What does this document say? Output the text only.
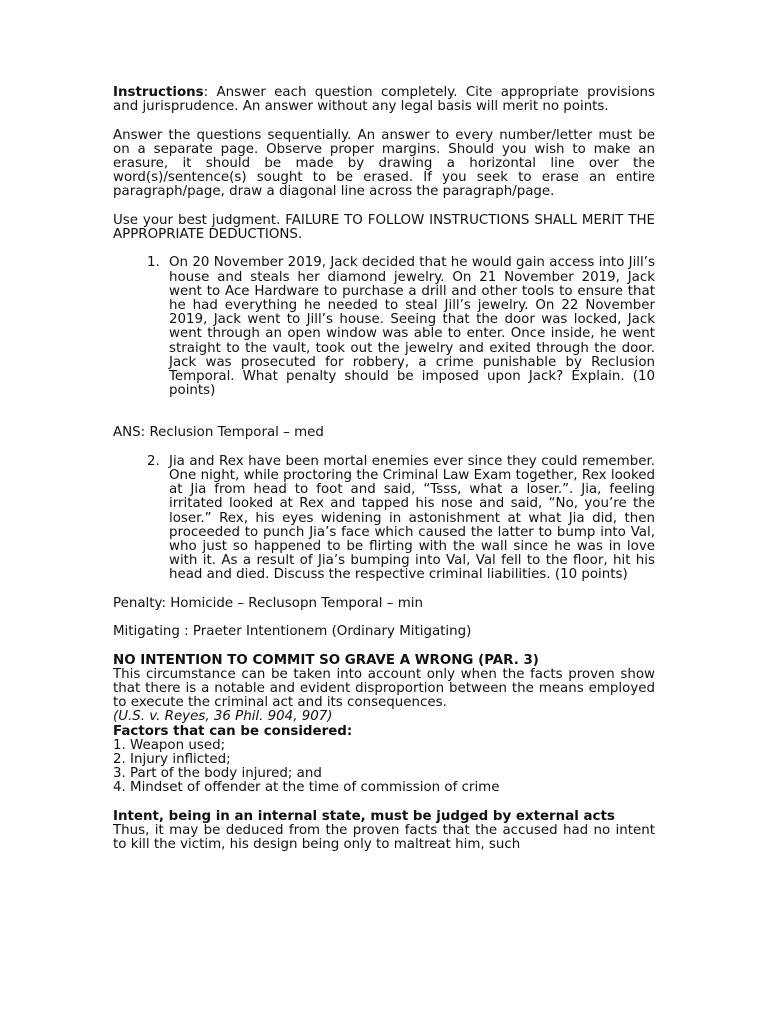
Instructions: Answer each question completely. Cite appropriate provisions and jurisprudence. An answer without any legal basis will merit no points.

Answer the questions sequentially. An answer to every number/letter must be on a separate page. Observe proper margins. Should you wish to make an erasure, it should be made by drawing a horizontal line over the word(s)/sentence(s) sought to be erased. If you seek to erase an entire paragraph/page, draw a diagonal line across the paragraph/page.

Use your best judgment. FAILURE TO FOLLOW INSTRUCTIONS SHALL MERIT THE APPROPRIATE DEDUCTIONS.

1. On 20 November 2019, Jack decided that he would gain access into Jill’s house and steals her diamond jewelry. On 21 November 2019, Jack went to Ace Hardware to purchase a drill and other tools to ensure that he had everything he needed to steal Jill’s jewelry. On 22 November 2019, Jack went to Jill’s house. Seeing that the door was locked, Jack went through an open window was able to enter. Once inside, he went straight to the vault, took out the jewelry and exited through the door. Jack was prosecuted for robbery, a crime punishable by Reclusion Temporal. What penalty should be imposed upon Jack? Explain. (10 points)

ANS: Reclusion Temporal – med

2. Jia and Rex have been mortal enemies ever since they could remember. One night, while proctoring the Criminal Law Exam together, Rex looked at Jia from head to foot and said, “Tsss, what a loser.”. Jia, feeling irritated looked at Rex and tapped his nose and said, “No, you’re the loser.” Rex, his eyes widening in astonishment at what Jia did, then proceeded to punch Jia’s face which caused the latter to bump into Val, who just so happened to be flirting with the wall since he was in love with it. As a result of Jia’s bumping into Val, Val fell to the floor, hit his head and died. Discuss the respective criminal liabilities. (10 points)

Penalty: Homicide – Reclusopn Temporal – min

Mitigating : Praeter Intentionem (Ordinary Mitigating)

NO INTENTION TO COMMIT SO GRAVE A WRONG (PAR. 3)

This circumstance can be taken into account only when the facts proven show that there is a notable and evident disproportion between the means employed to execute the criminal act and its consequences.

(U.S. v. Reyes, 36 Phil. 904, 907)

Factors that can be considered:

1. Weapon used;

2. Injury inflicted;

3. Part of the body injured; and

4. Mindset of offender at the time of commission of crime

Intent, being in an internal state, must be judged by external acts

Thus, it may be deduced from the proven facts that the accused had no intent to kill the victim, his design being only to maltreat him, such
